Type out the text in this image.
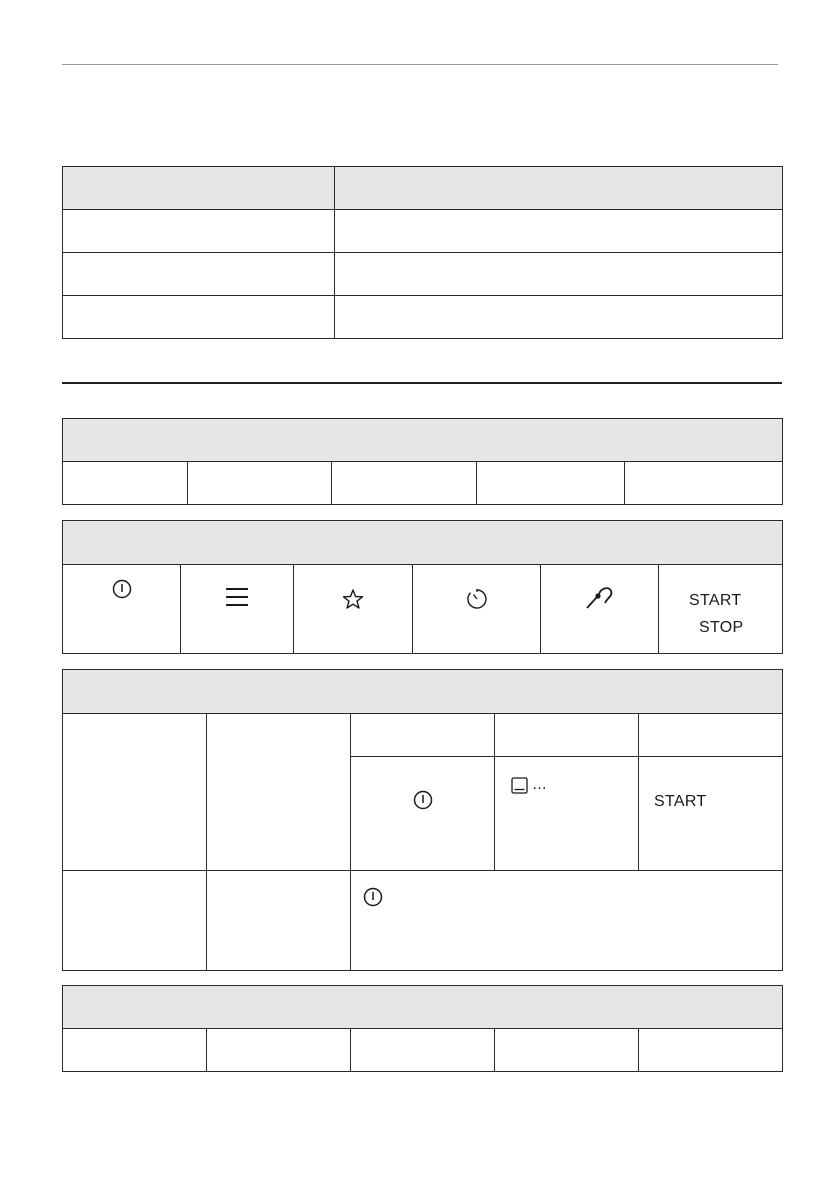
START
STOP

	...	START
